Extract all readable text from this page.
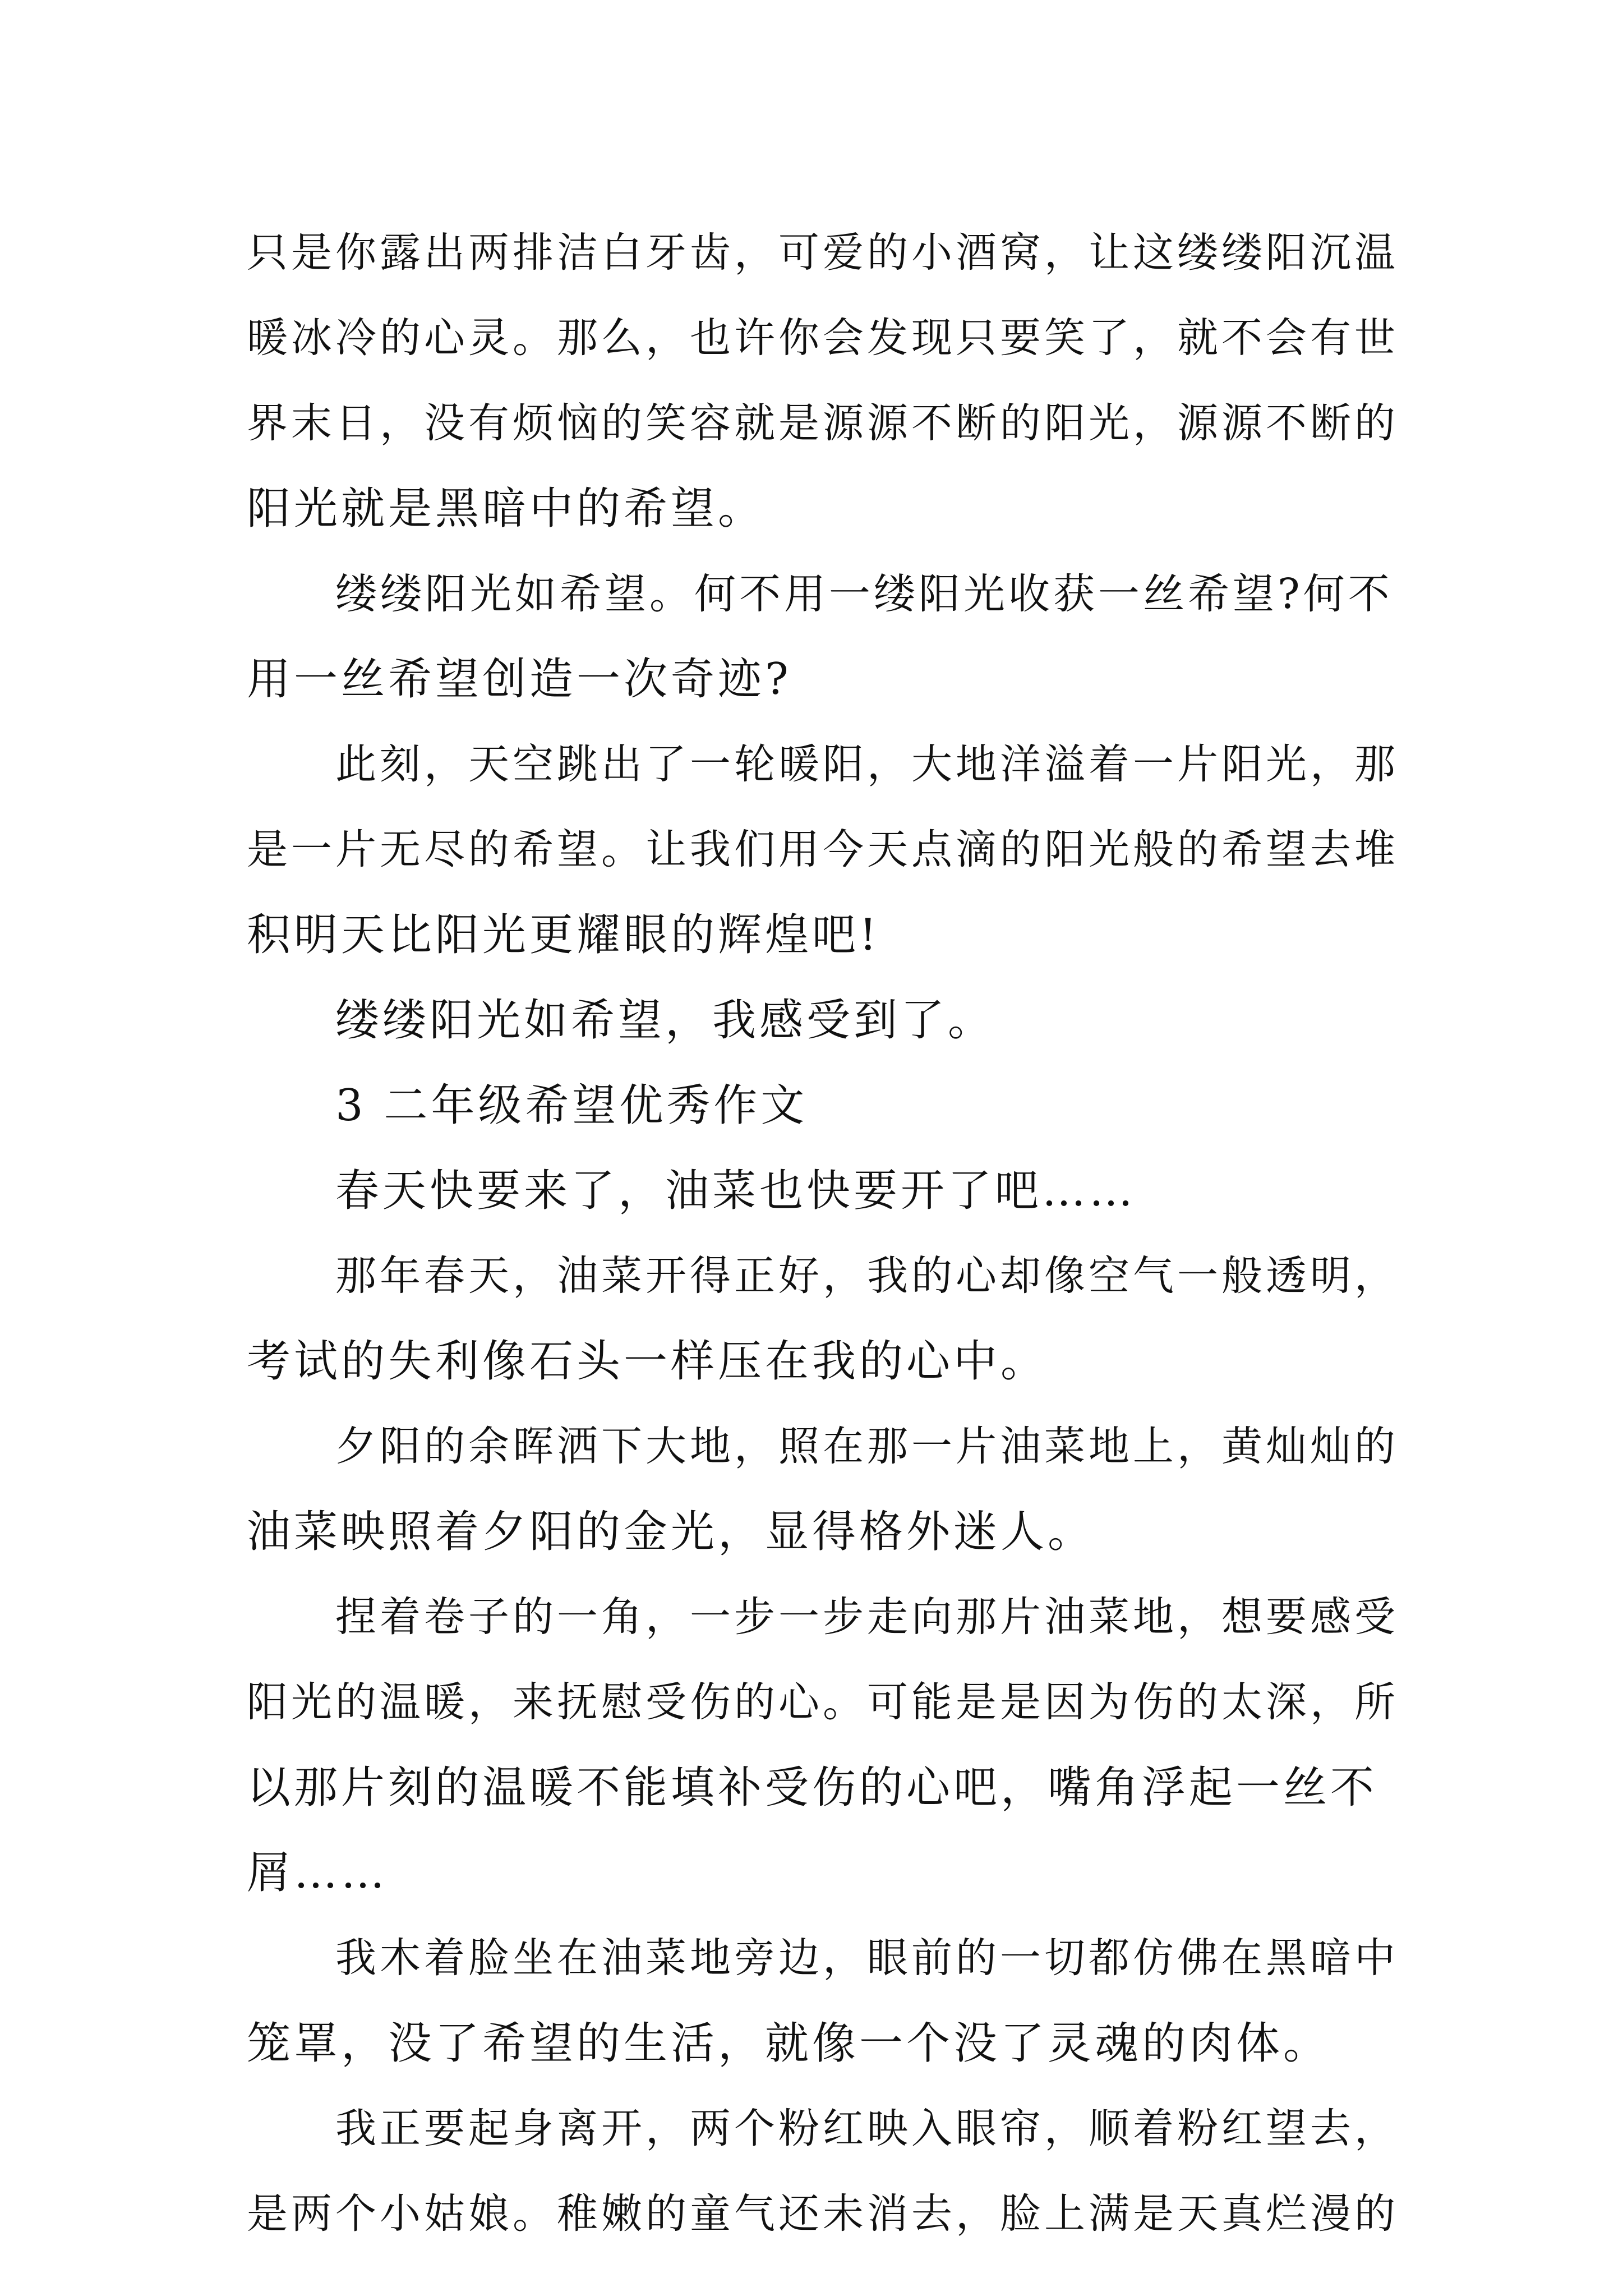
只是你露出两排洁白牙齿，可爱的小酒窝，让这缕缕阳沉温
暖冰冷的心灵。那么，也许你会发现只要笑了，就不会有世
界末日，没有烦恼的笑容就是源源不断的阳光，源源不断的
阳光就是黑暗中的希望。
缕缕阳光如希望。何不用一缕阳光收获一丝希望?何不
用一丝希望创造一次奇迹?
此刻，天空跳出了一轮暖阳，大地洋溢着一片阳光，那
是一片无尽的希望。让我们用今天点滴的阳光般的希望去堆
积明天比阳光更耀眼的辉煌吧!
缕缕阳光如希望，我感受到了。
3 二年级希望优秀作文
春天快要来了，油菜也快要开了吧……
那年春天，油菜开得正好，我的心却像空气一般透明，
考试的失利像石头一样压在我的心中。
夕阳的余晖洒下大地，照在那一片油菜地上，黄灿灿的
油菜映照着夕阳的金光，显得格外迷人。
捏着卷子的一角，一步一步走向那片油菜地，想要感受
阳光的温暖，来抚慰受伤的心。可能是是因为伤的太深，所
以那片刻的温暖不能填补受伤的心吧，嘴角浮起一丝不
屑……
我木着脸坐在油菜地旁边，眼前的一切都仿佛在黑暗中
笼罩，没了希望的生活，就像一个没了灵魂的肉体。
我正要起身离开，两个粉红映入眼帘，顺着粉红望去，
是两个小姑娘。稚嫩的童气还未消去，脸上满是天真烂漫的
